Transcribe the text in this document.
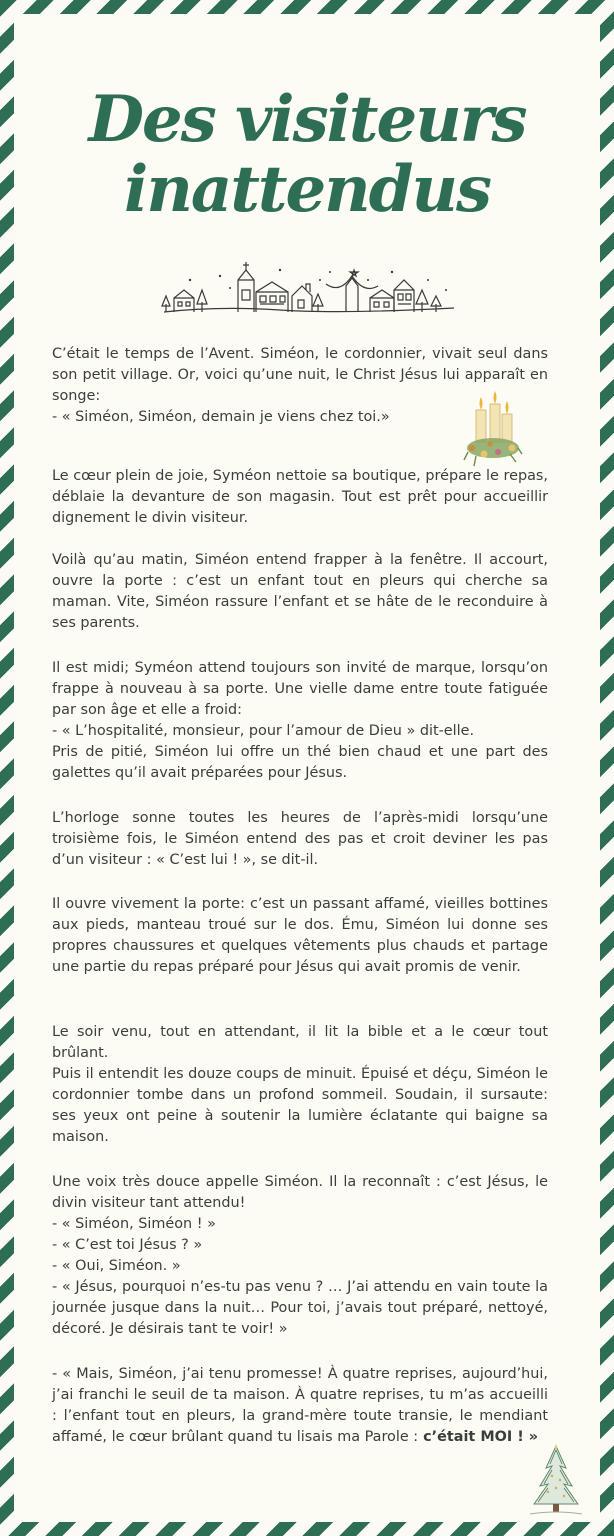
Des visiteurs
inattendus
C’était le temps de l’Avent. Siméon, le cordonnier, vivait seul dans son petit village. Or, voici qu’une nuit, le Christ Jésus lui apparaît en songe:
- « Siméon, Siméon, demain je viens chez toi.»
Le cœur plein de joie, Syméon nettoie sa boutique, prépare le repas, déblaie la devanture de son magasin. Tout est prêt pour accueillir dignement le divin visiteur.
Voilà qu’au matin, Siméon entend frapper à la fenêtre. Il accourt, ouvre la porte : c’est un enfant tout en pleurs qui cherche sa maman. Vite, Siméon rassure l’enfant et se hâte de le reconduire à ses parents.
Il est midi; Syméon attend toujours son invité de marque, lorsqu’on frappe à nouveau à sa porte. Une vielle dame entre toute fatiguée par son âge et elle a froid:
- « L’hospitalité, monsieur, pour l’amour de Dieu » dit-elle.
Pris de pitié, Siméon lui offre un thé bien chaud et une part des galettes qu’il avait préparées pour Jésus.
L’horloge sonne toutes les heures de l’après-midi lorsqu’une troisième fois, le Siméon entend des pas et croit deviner les pas d’un visiteur : « C’est lui ! », se dit-il.
Il ouvre vivement la porte: c’est un passant affamé, vieilles bottines aux pieds, manteau troué sur le dos. Ému, Siméon lui donne ses propres chaussures et quelques vêtements plus chauds et partage une partie du repas préparé pour Jésus qui avait promis de venir.
Le soir venu, tout en attendant, il lit la bible et a le cœur tout brûlant.
Puis il entendit les douze coups de minuit. Épuisé et déçu, Siméon le cordonnier tombe dans un profond sommeil. Soudain, il sursaute: ses yeux ont peine à soutenir la lumière éclatante qui baigne sa maison.
Une voix très douce appelle Siméon. Il la reconnaît : c’est Jésus, le divin visiteur tant attendu!
- « Siméon, Siméon ! »
- « C’est toi Jésus ? »
- « Oui, Siméon. »
- « Jésus, pourquoi n’es-tu pas venu ? … J’ai attendu en vain toute la journée jusque dans la nuit… Pour toi, j’avais tout préparé, nettoyé, décoré. Je désirais tant te voir! »
- « Mais, Siméon, j’ai tenu promesse! À quatre reprises, aujourd’hui, j’ai franchi le seuil de ta maison. À quatre reprises, tu m’as accueilli : l’enfant tout en pleurs, la grand-mère toute transie, le mendiant affamé, le cœur brûlant quand tu lisais ma Parole : c’était MOI ! »
